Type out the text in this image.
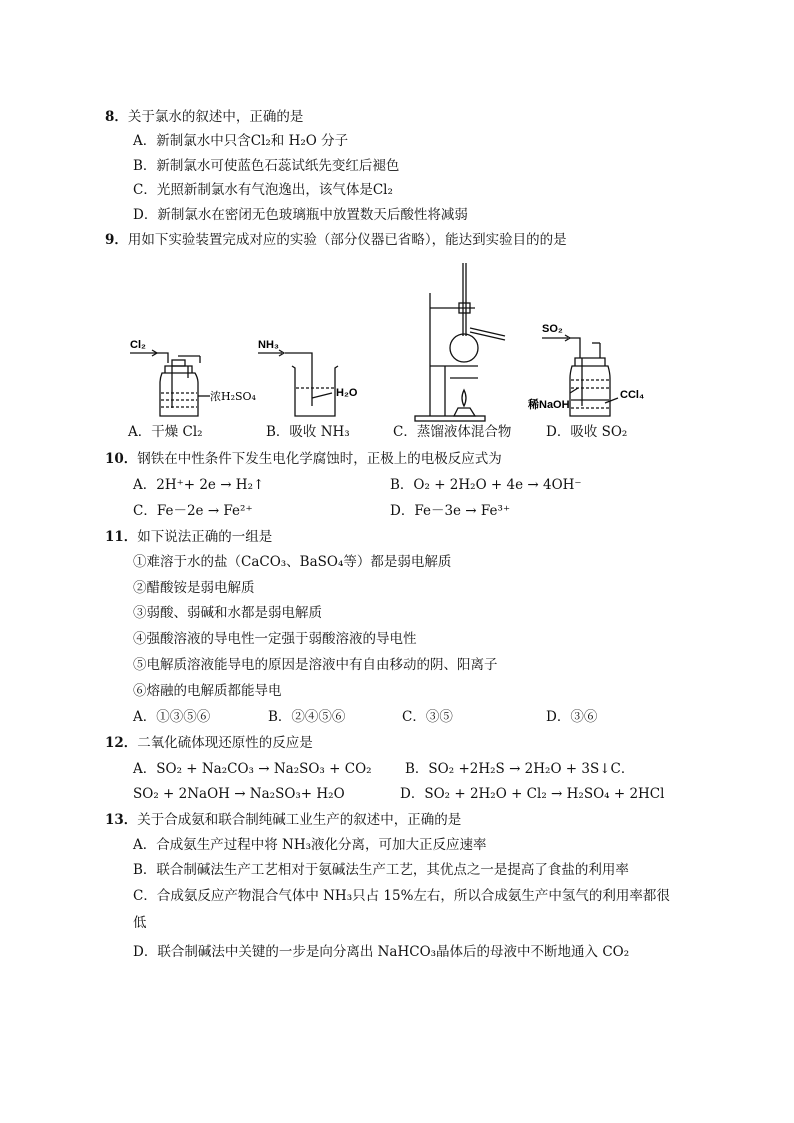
8．关于氯水的叙述中，正确的是
A．新制氯水中只含Cl₂和 H₂O 分子
B．新制氯水可使蓝色石蕊试纸先变红后褪色
C．光照新制氯水有气泡逸出，该气体是Cl₂
D．新制氯水在密闭无色玻璃瓶中放置数天后酸性将减弱
9．用如下实验装置完成对应的实验（部分仪器已省略），能达到实验目的的是
Cl₂
浓H₂SO₄
NH₃
H₂O
SO₂
稀NaOH
CCl₄
A．干燥 Cl₂	B．吸收 NH₃	C．蒸馏液体混合物	D．吸收 SO₂
10．钢铁在中性条件下发生电化学腐蚀时，正极上的电极反应式为
A．2H⁺+ 2e → H₂↑	B．O₂ + 2H₂O + 4e → 4OH⁻
C．Fe－2e → Fe²⁺	D．Fe－3e → Fe³⁺
11．如下说法正确的一组是
①难溶于水的盐（CaCO₃、BaSO₄等）都是弱电解质
②醋酸铵是弱电解质
③弱酸、弱碱和水都是弱电解质
④强酸溶液的导电性一定强于弱酸溶液的导电性
⑤电解质溶液能导电的原因是溶液中有自由移动的阴、阳离子
⑥熔融的电解质都能导电
A．①③⑤⑥	B．②④⑤⑥	C．③⑤	D．③⑥
12．二氧化硫体现还原性的反应是
A．SO₂ + Na₂CO₃ → Na₂SO₃ + CO₂ B．SO₂ +2H₂S → 2H₂O + 3S↓C．
SO₂ + 2NaOH → Na₂SO₃+ H₂O	D．SO₂ + 2H₂O + Cl₂ → H₂SO₄ + 2HCl
13．关于合成氨和联合制纯碱工业生产的叙述中，正确的是
A．合成氨生产过程中将 NH₃液化分离，可加大正反应速率
B．联合制碱法生产工艺相对于氨碱法生产工艺，其优点之一是提高了食盐的利用率
C．合成氨反应产物混合气体中 NH₃只占 15%左右，所以合成氨生产中氢气的利用率都很
低
D．联合制碱法中关键的一步是向分离出 NaHCO₃晶体后的母液中不断地通入 CO₂
